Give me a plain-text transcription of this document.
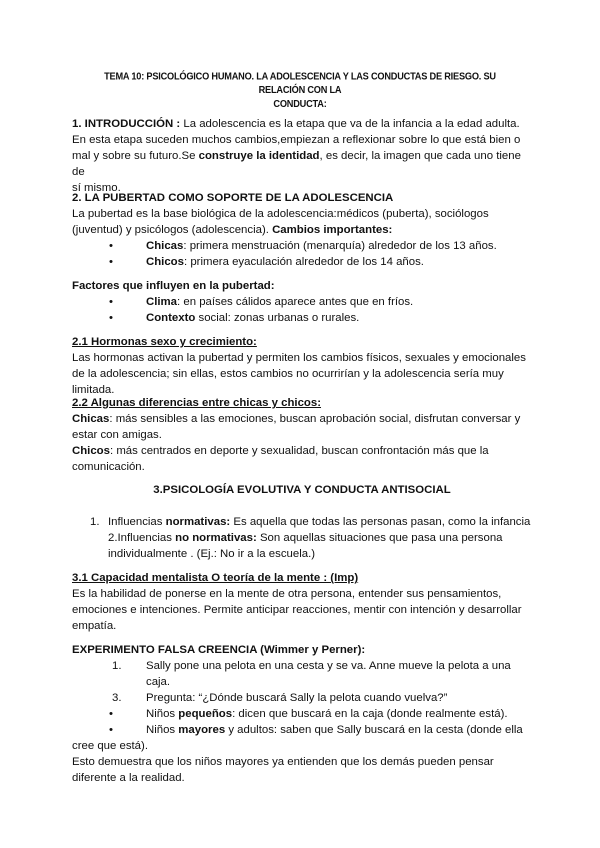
TEMA 10: PSICOLÓGICO HUMANO. LA ADOLESCENCIA Y LAS CONDUCTAS DE RIESGO. SU RELACIÓN CON LA
CONDUCTA:

1. INTRODUCCIÓN : La adolescencia es la etapa que va de la infancia a la edad adulta.

En esta etapa suceden muchos cambios,empiezan a reflexionar sobre lo que está bien o

mal y sobre su futuro.Se construye la identidad, es decir, la imagen que cada uno tiene de

sí mismo.

2. LA PUBERTAD COMO SOPORTE DE LA ADOLESCENCIA

La pubertad es la base biológica de la adolescencia:médicos (puberta), sociólogos

(juventud) y psicólogos (adolescencia). Cambios importantes:

•	Chicas: primera menstruación (menarquía) alrededor de los 13 años.

•	Chicos: primera eyaculación alrededor de los 14 años.

Factores que influyen en la pubertad:

•	Clima: en países cálidos aparece antes que en fríos.

•	Contexto social: zonas urbanas o rurales.

2.1 Hormonas sexo y crecimiento:

Las hormonas activan la pubertad y permiten los cambios físicos, sexuales y emocionales

de la adolescencia; sin ellas, estos cambios no ocurrirían y la adolescencia sería muy

limitada.

2.2 Algunas diferencias entre chicas y chicos:

Chicas: más sensibles a las emociones, buscan aprobación social, disfrutan conversar y

estar con amigas.

Chicos: más centrados en deporte y sexualidad, buscan confrontación más que la

comunicación.

3.PSICOLOGÍA EVOLUTIVA Y CONDUCTA ANTISOCIAL

1. Influencias normativas: Es aquella que todas las personas pasan, como la infancia

2.Influencias no normativas: Son aquellas situaciones que pasa una persona

individualmente . (Ej.: No ir a la escuela.)

3.1 Capacidad mentalista O teoría de la mente : (Imp)

Es la habilidad de ponerse en la mente de otra persona, entender sus pensamientos,

emociones e intenciones. Permite anticipar reacciones, mentir con intención y desarrollar

empatía.

EXPERIMENTO FALSA CREENCIA (Wimmer y Perner):

1. Sally pone una pelota en una cesta y se va. Anne mueve la pelota a una caja.

3. Pregunta: “¿Dónde buscará Sally la pelota cuando vuelva?”

•	Niños pequeños: dicen que buscará en la caja (donde realmente está).

•	Niños mayores y adultos: saben que Sally buscará en la cesta (donde ella

cree que está).

Esto demuestra que los niños mayores ya entienden que los demás pueden pensar

diferente a la realidad.
